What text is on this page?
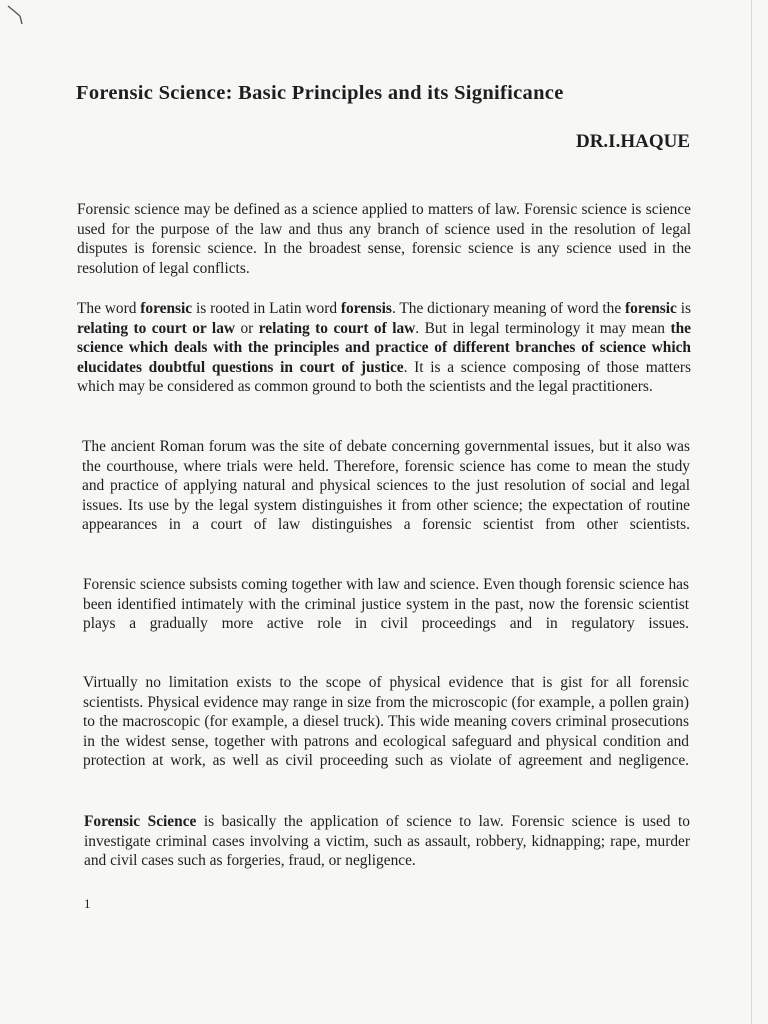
Forensic Science: Basic Principles and its Significance
DR.I.HAQUE

Forensic science may be defined as a science applied to matters of law. Forensic science is science used for the purpose of the law and thus any branch of science used in the resolution of legal disputes is forensic science. In the broadest sense, forensic science is any science used in the resolution of legal conflicts.

The word forensic is rooted in Latin word forensis. The dictionary meaning of word the forensic is relating to court or law or relating to court of law. But in legal terminology it may mean the science which deals with the principles and practice of different branches of science which elucidates doubtful questions in court of justice. It is a science composing of those matters which may be considered as common ground to both the scientists and the legal practitioners.

The ancient Roman forum was the site of debate concerning governmental issues, but it also was the courthouse, where trials were held. Therefore, forensic science has come to mean the study and practice of applying natural and physical sciences to the just resolution of social and legal issues. Its use by the legal system distinguishes it from other science; the expectation of routine appearances in a court of law distinguishes a forensic scientist from other scientists.

Forensic science subsists coming together with law and science. Even though forensic science has been identified intimately with the criminal justice system in the past, now the forensic scientist plays a gradually more active role in civil proceedings and in regulatory issues.

Virtually no limitation exists to the scope of physical evidence that is gist for all forensic scientists. Physical evidence may range in size from the microscopic (for example, a pollen grain) to the macroscopic (for example, a diesel truck). This wide meaning covers criminal prosecutions in the widest sense, together with patrons and ecological safeguard and physical condition and protection at work, as well as civil proceeding such as violate of agreement and negligence.

Forensic Science is basically the application of science to law. Forensic science is used to investigate criminal cases involving a victim, such as assault, robbery, kidnapping; rape, murder and civil cases such as forgeries, fraud, or negligence.

1
